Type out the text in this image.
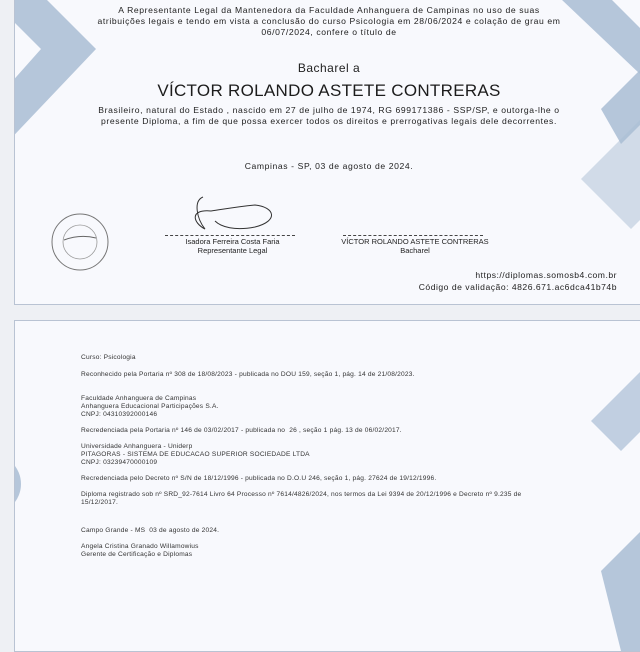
A Representante Legal da Mantenedora da Faculdade Anhanguera de Campinas no uso de suas atribuições legais e tendo em vista a conclusão do curso Psicologia em 28/06/2024 e colação de grau em 06/07/2024, confere o título de
Bacharel a
VÍCTOR ROLANDO ASTETE CONTRERAS
Brasileiro, natural do Estado , nascido em 27 de julho de 1974, RG 699171386 - SSP/SP, e outorga-lhe o presente Diploma, a fim de que possa exercer todos os direitos e prerrogativas legais dele decorrentes.
Campinas - SP, 03 de agosto de 2024.
Isadora Ferreira Costa Faria
Representante Legal
VÍCTOR ROLANDO ASTETE CONTRERAS
Bacharel
https://diplomas.somosb4.com.br
Código de validação: 4826.671.ac6dca41b74b
Curso: Psicologia
Reconhecido pela Portaria nº 308 de 18/08/2023 - publicada no DOU 159, seção 1, pág. 14 de 21/08/2023.
Faculdade Anhanguera de Campinas
Anhanguera Educacional Participações S.A.
CNPJ: 04310392000146
Recredenciada pela Portaria nº 146 de 03/02/2017 - publicada no  26 , seção 1 pág. 13 de 06/02/2017.
Universidade Anhanguera - Uniderp
PITAGORAS - SISTEMA DE EDUCACAO SUPERIOR SOCIEDADE LTDA
CNPJ: 03239470000109
Recredenciada pelo Decreto nº S/N de 18/12/1996 - publicada no D.O.U 246, seção 1, pág. 27624 de 19/12/1996.
Diploma registrado sob nº SRD_92-7614 Livro 64 Processo nº 7614/4826/2024, nos termos da Lei 9394 de 20/12/1996 e Decreto nº 9.235 de
15/12/2017.
Campo Grande - MS  03 de agosto de 2024.
Angela Cristina Granado Willamowius
Gerente de Certificação e Diplomas
